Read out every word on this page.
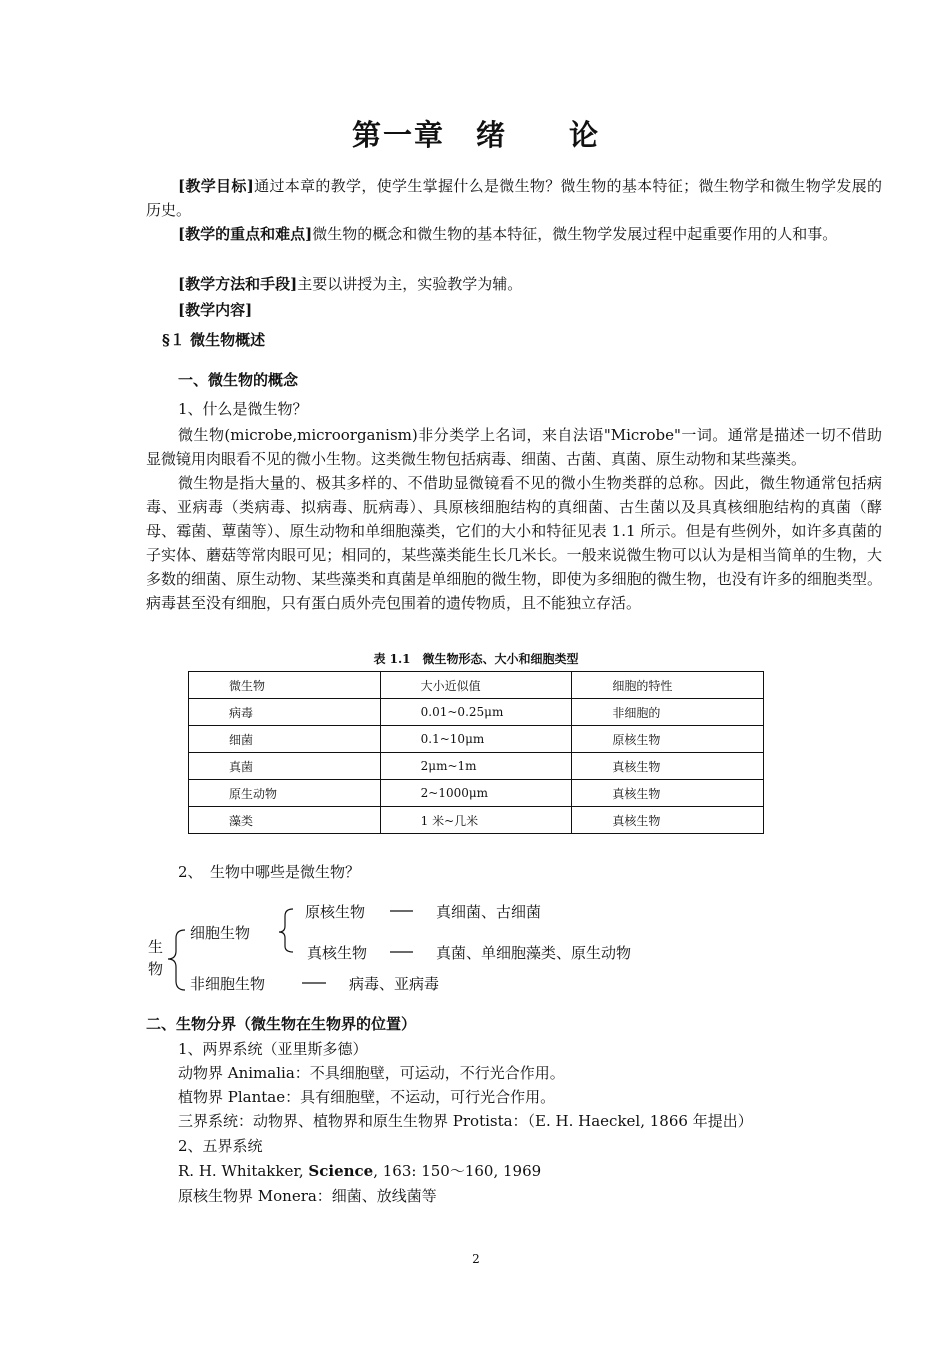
第一章　绪　　论

[教学目标]通过本章的教学，使学生掌握什么是微生物？微生物的基本特征；微生物学和微生物学发展的历史。

[教学的重点和难点]微生物的概念和微生物的基本特征，微生物学发展过程中起重要作用的人和事。

[教学方法和手段]主要以讲授为主，实验教学为辅。

[教学内容]
§１ 微生物概述
一、微生物的概念
1、什么是微生物？

微生物(microbe,microorganism)非分类学上名词，来自法语"Microbe"一词。通常是描述一切不借助显微镜用肉眼看不见的微小生物。这类微生物包括病毒、细菌、古菌、真菌、原生动物和某些藻类。

微生物是指大量的、极其多样的、不借助显微镜看不见的微小生物类群的总称。因此，微生物通常包括病毒、亚病毒（类病毒、拟病毒、朊病毒）、具原核细胞结构的真细菌、古生菌以及具真核细胞结构的真菌（酵母、霉菌、蕈菌等）、原生动物和单细胞藻类，它们的大小和特征见表 1.1 所示。但是有些例外，如许多真菌的子实体、蘑菇等常肉眼可见；相同的，某些藻类能生长几米长。一般来说微生物可以认为是相当简单的生物，大多数的细菌、原生动物、某些藻类和真菌是单细胞的微生物，即使为多细胞的微生物，也没有许多的细胞类型。病毒甚至没有细胞，只有蛋白质外壳包围着的遗传物质，且不能独立存活。

表 1.1　微生物形态、大小和细胞类型
微生物	大小近似值	细胞的特性
病毒	0.01~0.25μm	非细胞的
细菌	0.1~10μm	原核生物
真菌	2μm~1m	真核生物
原生动物	2~1000μm	真核生物
藻类	1 米~几米	真核生物
2、　生物中哪些是微生物？
生物
细胞生物
原核生物	真细菌、古细菌
真核生物	真菌、单细胞藻类、原生动物
非细胞生物	病毒、亚病毒
二、生物分界（微生物在生物界的位置）
1、两界系统（亚里斯多德）
动物界 Animalia：不具细胞壁，可运动，不行光合作用。
植物界 Plantae：具有细胞壁，不运动，可行光合作用。
三界系统：动物界、植物界和原生生物界 Protista：（E. H. Haeckel, 1866 年提出）
2、五界系统
R. H. Whitakker, Science, 163: 150～160, 1969
原核生物界 Monera：细菌、放线菌等
2
